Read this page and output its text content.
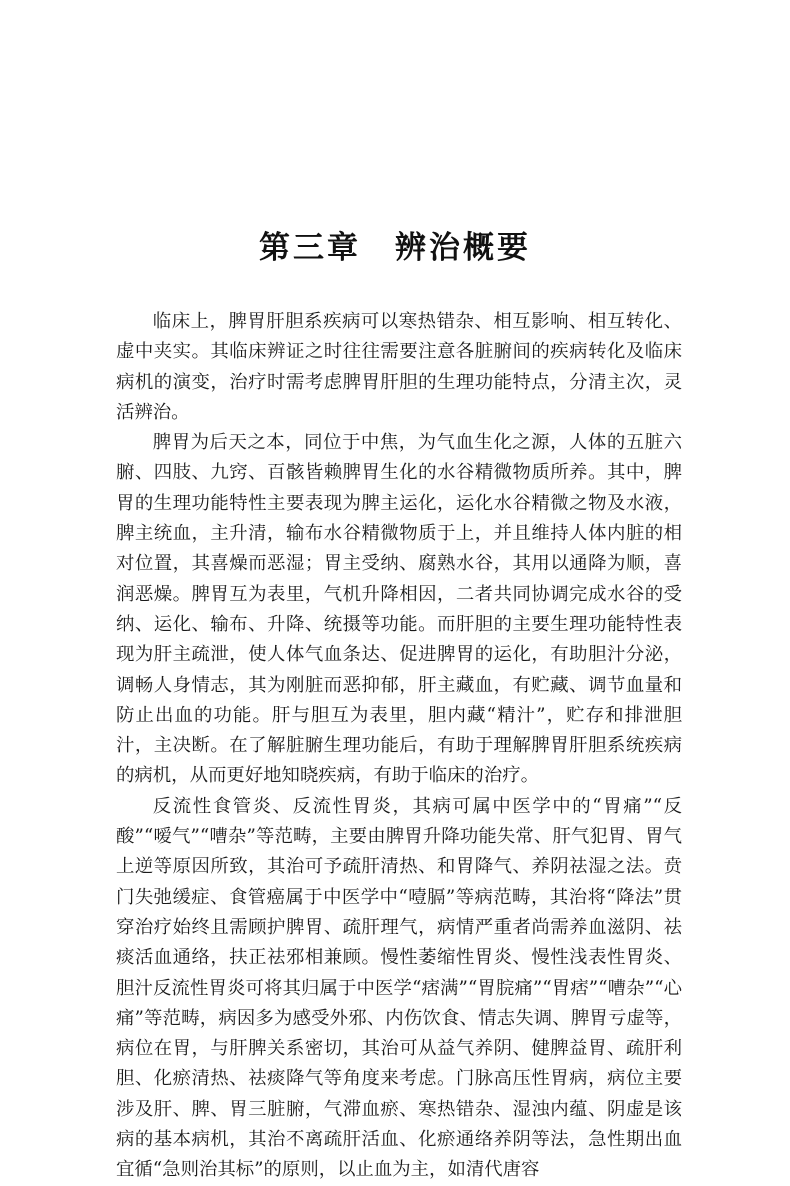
第三章　辨治概要

临床上，脾胃肝胆系疾病可以寒热错杂、相互影响、相互转化、虚中夹实。其临床辨证之时往往需要注意各脏腑间的疾病转化及临床病机的演变，治疗时需考虑脾胃肝胆的生理功能特点，分清主次，灵活辨治。

脾胃为后天之本，同位于中焦，为气血生化之源，人体的五脏六腑、四肢、九窍、百骸皆赖脾胃生化的水谷精微物质所养。其中，脾胃的生理功能特性主要表现为脾主运化，运化水谷精微之物及水液，脾主统血，主升清，输布水谷精微物质于上，并且维持人体内脏的相对位置，其喜燥而恶湿；胃主受纳、腐熟水谷，其用以通降为顺，喜润恶燥。脾胃互为表里，气机升降相因，二者共同协调完成水谷的受纳、运化、输布、升降、统摄等功能。而肝胆的主要生理功能特性表现为肝主疏泄，使人体气血条达、促进脾胃的运化，有助胆汁分泌，调畅人身情志，其为刚脏而恶抑郁，肝主藏血，有贮藏、调节血量和防止出血的功能。肝与胆互为表里，胆内藏“精汁”，贮存和排泄胆汁，主决断。在了解脏腑生理功能后，有助于理解脾胃肝胆系统疾病的病机，从而更好地知晓疾病，有助于临床的治疗。

反流性食管炎、反流性胃炎，其病可属中医学中的“胃痛”“反酸”“嗳气”“嘈杂”等范畴，主要由脾胃升降功能失常、肝气犯胃、胃气上逆等原因所致，其治可予疏肝清热、和胃降气、养阴祛湿之法。贲门失弛缓症、食管癌属于中医学中“噎膈”等病范畴，其治将“降法”贯穿治疗始终且需顾护脾胃、疏肝理气，病情严重者尚需养血滋阴、祛痰活血通络，扶正祛邪相兼顾。慢性萎缩性胃炎、慢性浅表性胃炎、胆汁反流性胃炎可将其归属于中医学“痞满”“胃脘痛”“胃痞”“嘈杂”“心痛”等范畴，病因多为感受外邪、内伤饮食、情志失调、脾胃亏虚等，病位在胃，与肝脾关系密切，其治可从益气养阴、健脾益胃、疏肝利胆、化瘀清热、祛痰降气等角度来考虑。门脉高压性胃病，病位主要涉及肝、脾、胃三脏腑，气滞血瘀、寒热错杂、湿浊内蕴、阴虚是该病的基本病机，其治不离疏肝活血、化瘀通络养阴等法，急性期出血宜循“急则治其标”的原则，以止血为主，如清代唐容
